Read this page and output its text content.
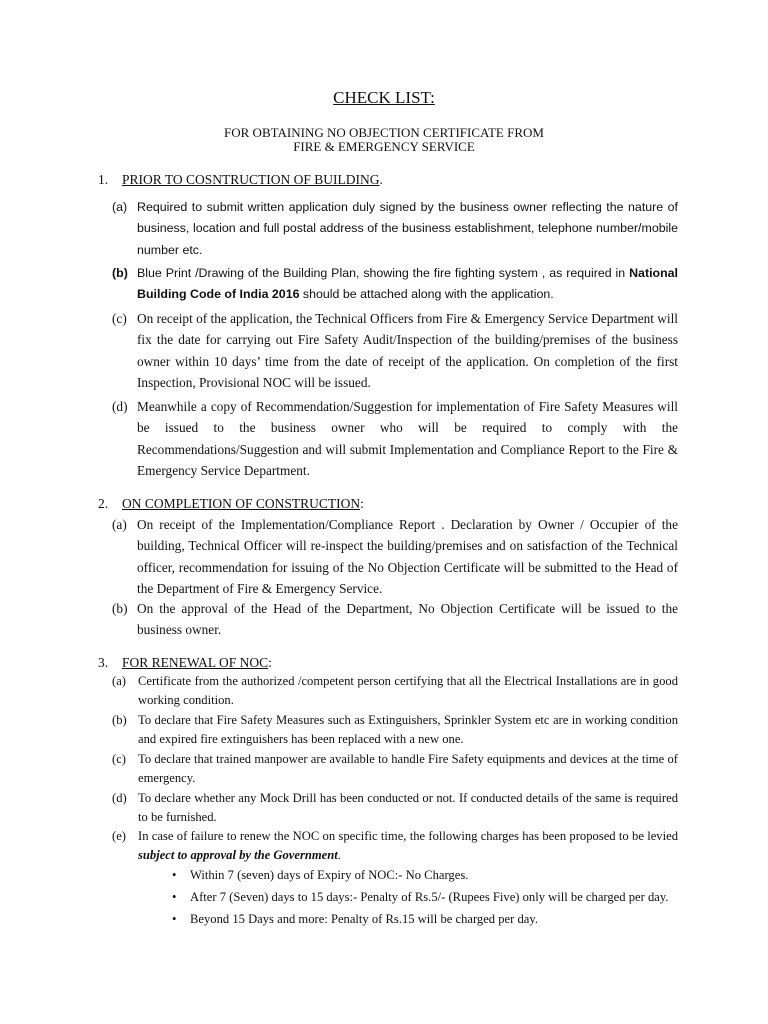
CHECK LIST:
FOR OBTAINING NO OBJECTION CERTIFICATE FROM
FIRE & EMERGENCY SERVICE
1. PRIOR TO COSNTRUCTION OF BUILDING.
(a) Required to submit written application duly signed by the business owner reflecting the nature of business, location and full postal address of the business establishment, telephone number/mobile number etc.
(b) Blue Print /Drawing of the Building Plan, showing the fire fighting system , as required in National Building Code of India 2016 should be attached along with the application.
(c) On receipt of the application, the Technical Officers from Fire & Emergency Service Department will fix the date for carrying out Fire Safety Audit/Inspection of the building/premises of the business owner within 10 days’ time from the date of receipt of the application. On completion of the first Inspection, Provisional NOC will be issued.
(d) Meanwhile a copy of Recommendation/Suggestion for implementation of Fire Safety Measures will be issued to the business owner who will be required to comply with the Recommendations/Suggestion and will submit Implementation and Compliance Report to the Fire & Emergency Service Department.
2. ON COMPLETION OF CONSTRUCTION:
(a) On receipt of the Implementation/Compliance Report . Declaration by Owner / Occupier of the building, Technical Officer will re-inspect the building/premises and on satisfaction of the Technical officer, recommendation for issuing of the No Objection Certificate will be submitted to the Head of the Department of Fire & Emergency Service.
(b) On the approval of the Head of the Department, No Objection Certificate will be issued to the business owner.
3. FOR RENEWAL OF NOC:
(a) Certificate from the authorized /competent person certifying that all the Electrical Installations are in good working condition.
(b) To declare that Fire Safety Measures such as Extinguishers, Sprinkler System etc are in working condition and expired fire extinguishers has been replaced with a new one.
(c) To declare that trained manpower are available to handle Fire Safety equipments and devices at the time of emergency.
(d) To declare whether any Mock Drill has been conducted or not. If conducted details of the same is required to be furnished.
(e) In case of failure to renew the NOC on specific time, the following charges has been proposed to be levied subject to approval by the Government.
• Within 7 (seven) days of Expiry of NOC:- No Charges.
• After 7 (Seven) days to 15 days:- Penalty of Rs.5/- (Rupees Five) only will be charged per day.
• Beyond 15 Days and more: Penalty of Rs.15 will be charged per day.
